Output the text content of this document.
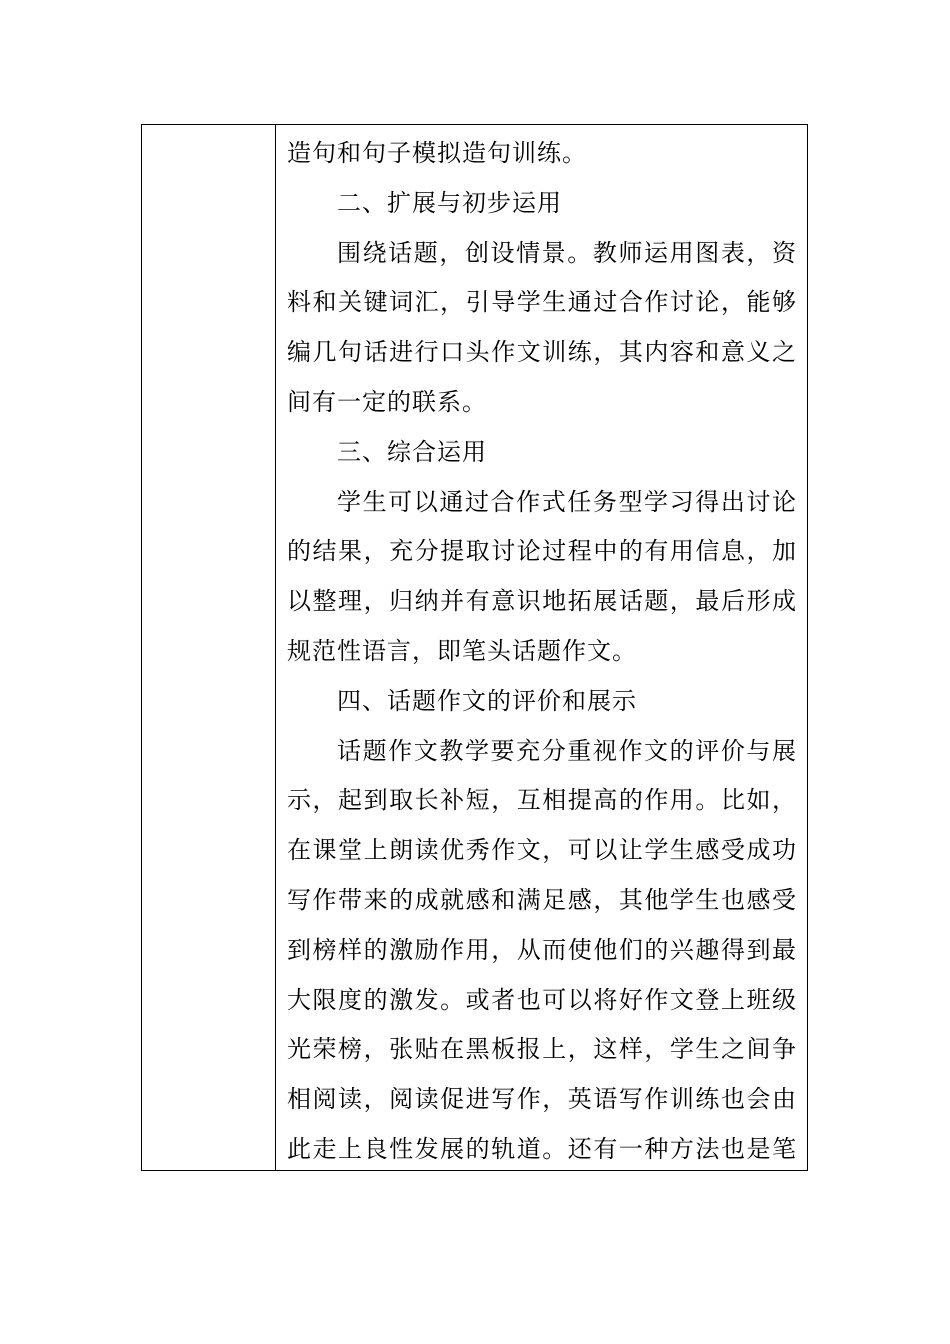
造句和句子模拟造句训练。
二、扩展与初步运用
围绕话题，创设情景。教师运用图表，资
料和关键词汇，引导学生通过合作讨论，能够
编几句话进行口头作文训练，其内容和意义之
间有一定的联系。
三、综合运用
学生可以通过合作式任务型学习得出讨论
的结果，充分提取讨论过程中的有用信息，加
以整理，归纳并有意识地拓展话题，最后形成
规范性语言，即笔头话题作文。
四、话题作文的评价和展示
话题作文教学要充分重视作文的评价与展
示，起到取长补短，互相提高的作用。比如，
在课堂上朗读优秀作文，可以让学生感受成功
写作带来的成就感和满足感，其他学生也感受
到榜样的激励作用，从而使他们的兴趣得到最
大限度的激发。或者也可以将好作文登上班级
光荣榜，张贴在黑板报上，这样，学生之间争
相阅读，阅读促进写作，英语写作训练也会由
此走上良性发展的轨道。还有一种方法也是笔
